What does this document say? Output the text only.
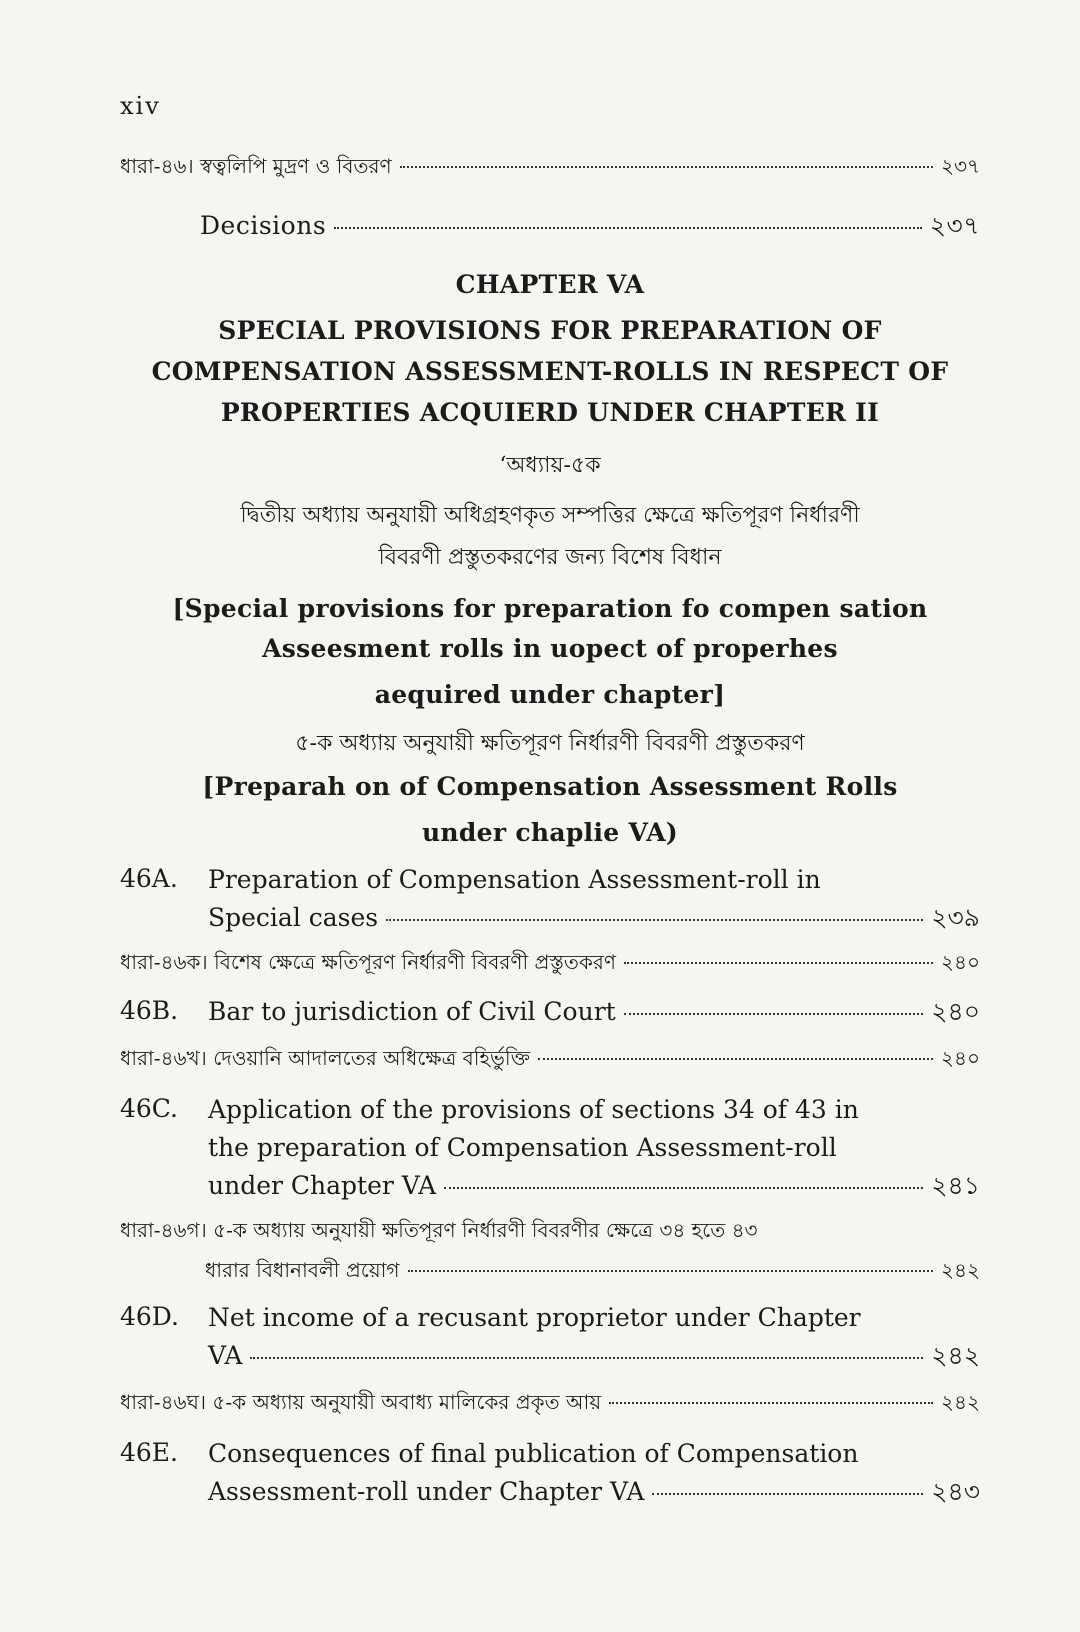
xiv
ধারা-৪৬। স্বত্বলিপি মুদ্রণ ও বিতরণ	২৩৭
Decisions	২৩৭
CHAPTER VA
SPECIAL PROVISIONS FOR PREPARATION OF
COMPENSATION ASSESSMENT-ROLLS IN RESPECT OF
PROPERTIES ACQUIERD UNDER CHAPTER II
‘অধ্যায়-৫ক
দ্বিতীয় অধ্যায় অনুযায়ী অধিগ্রহণকৃত সম্পত্তির ক্ষেত্রে ক্ষতিপূরণ নির্ধারণী
বিবরণী প্রস্তুতকরণের জন্য বিশেষ বিধান
[Special provisions for preparation fo compen sation
Asseesment rolls in uopect of properhes
aequired under chapter]
৫-ক অধ্যায় অনুযায়ী ক্ষতিপূরণ নির্ধারণী বিবরণী প্রস্তুতকরণ
[Preparah on of Compensation Assessment Rolls
under chaplie VA)
46A. Preparation of Compensation Assessment-roll in
Special cases	২৩৯
ধারা-৪৬ক। বিশেষ ক্ষেত্রে ক্ষতিপূরণ নির্ধারণী বিবরণী প্রস্তুতকরণ	২৪০
46B. Bar to jurisdiction of Civil Court	২৪০
ধারা-৪৬খ। দেওয়ানি আদালতের অধিক্ষেত্র বহির্ভুক্তি	২৪০
46C. Application of the provisions of sections 34 of 43 in
the preparation of Compensation Assessment-roll
under Chapter VA	২৪১
ধারা-৪৬গ। ৫-ক অধ্যায় অনুযায়ী ক্ষতিপূরণ নির্ধারণী বিবরণীর ক্ষেত্রে ৩৪ হতে ৪৩
ধারার বিধানাবলী প্রয়োগ	২৪২
46D. Net income of a recusant proprietor under Chapter
VA	২৪২
ধারা-৪৬ঘ। ৫-ক অধ্যায় অনুযায়ী অবাধ্য মালিকের প্রকৃত আয়	২৪২
46E. Consequences of final publication of Compensation
Assessment-roll under Chapter VA	২৪৩
